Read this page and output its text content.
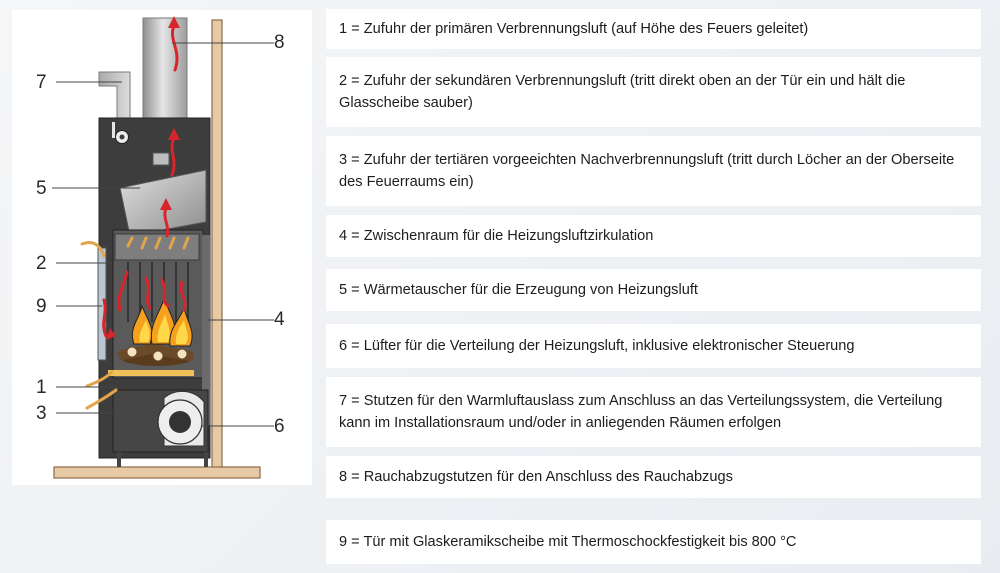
7
8
5
2
9
4
1
3
6
1 = Zufuhr der primären Verbrennungsluft (auf Höhe des Feuers geleitet)
2 = Zufuhr der sekundären Verbrennungsluft (tritt direkt oben an der Tür ein und hält die Glasscheibe sauber)
3 = Zufuhr der tertiären vorgeeichten Nachverbrennungsluft (tritt durch Löcher an der Oberseite des Feuerraums ein)
4 = Zwischenraum für die Heizungsluftzirkulation
5 = Wärmetauscher für die Erzeugung von Heizungsluft
6 = Lüfter für die Verteilung der Heizungsluft, inklusive elektronischer Steuerung
7 = Stutzen für den Warmluftauslass zum Anschluss an das Verteilungssystem, die Verteilung kann im Installationsraum und/oder in anliegenden Räumen erfolgen
8 = Rauchabzugstutzen für den Anschluss des Rauchabzugs
9 = Tür mit Glaskeramikscheibe mit Thermoschockfestigkeit bis 800 °C
